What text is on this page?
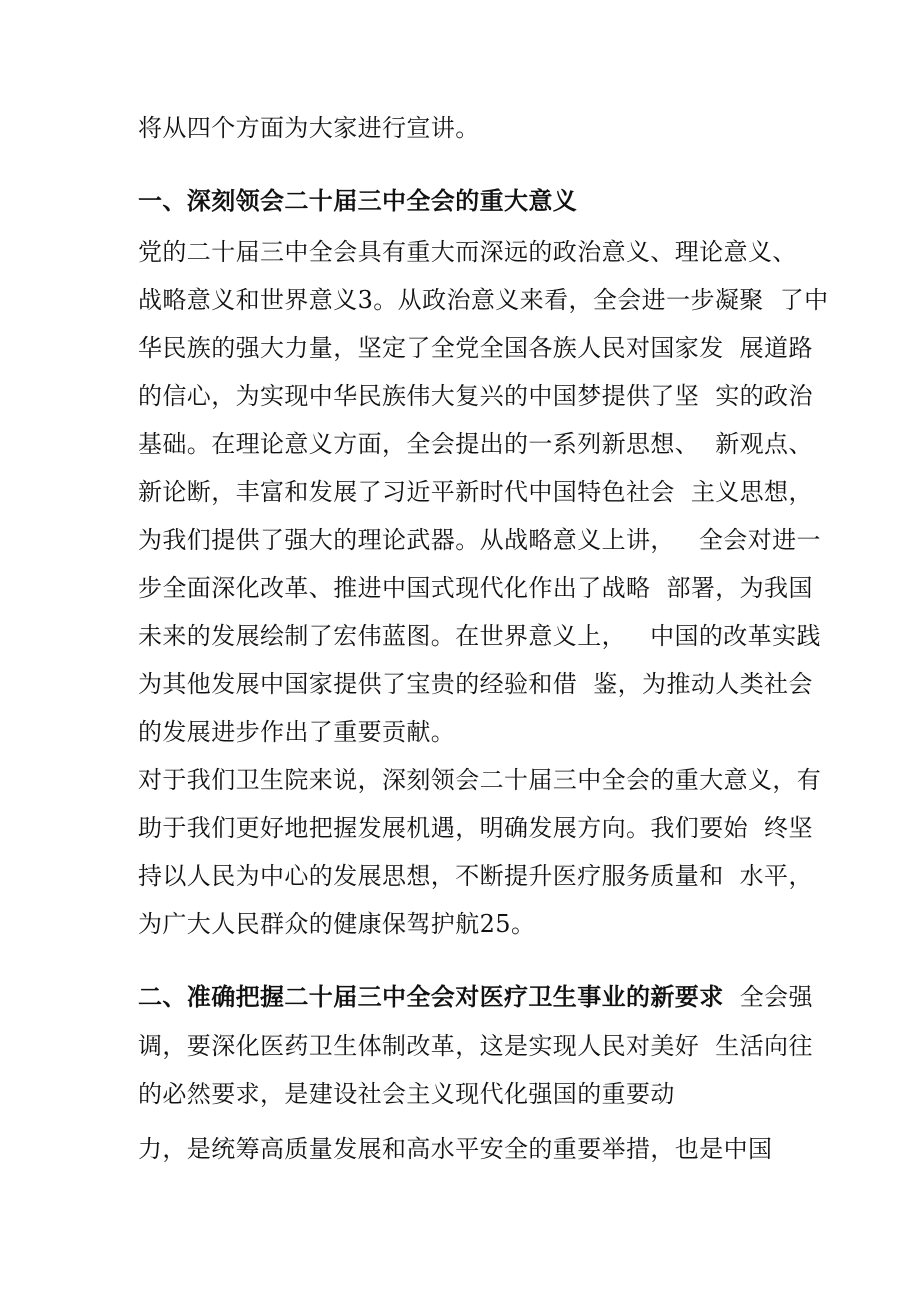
将从四个方面为大家进行宣讲。
一、深刻领会二十届三中全会的重大意义
党的二十届三中全会具有重大而深远的政治意义、理论意义、
战略意义和世界意义3。从政治意义来看，全会进一步凝聚  了中
华民族的强大力量，坚定了全党全国各族人民对国家发  展道路
的信心，为实现中华民族伟大复兴的中国梦提供了坚  实的政治
基础。在理论意义方面，全会提出的一系列新思想、  新观点、
新论断，丰富和发展了习近平新时代中国特色社会  主义思想，
为我们提供了强大的理论武器。从战略意义上讲，   全会对进一
步全面深化改革、推进中国式现代化作出了战略  部署，为我国
未来的发展绘制了宏伟蓝图。在世界意义上，   中国的改革实践
为其他发展中国家提供了宝贵的经验和借  鉴，为推动人类社会
的发展进步作出了重要贡献。
对于我们卫生院来说，深刻领会二十届三中全会的重大意义，有
助于我们更好地把握发展机遇，明确发展方向。我们要始  终坚
持以人民为中心的发展思想，不断提升医疗服务质量和  水平，
为广大人民群众的健康保驾护航25。
二、准确把握二十届三中全会对医疗卫生事业的新要求  全会强
调，要深化医药卫生体制改革，这是实现人民对美好  生活向往
的必然要求，是建设社会主义现代化强国的重要动
力，是统筹高质量发展和高水平安全的重要举措，也是中国
